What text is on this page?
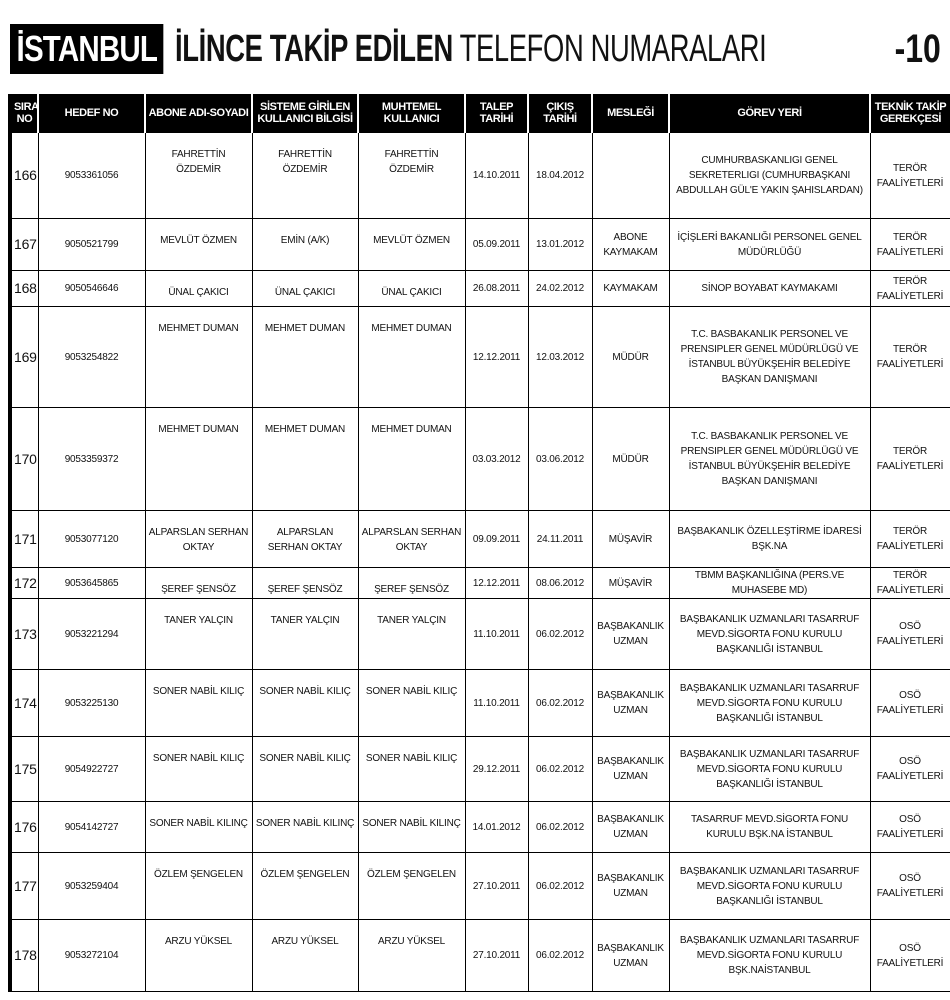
İSTANBUL İLİNCE TAKİP EDİLEN TELEFON NUMARALARI	-10
SIRA NO	HEDEF NO	ABONE ADI-SOYADI	SİSTEME GİRİLEN KULLANICI BİLGİSİ	MUHTEMEL KULLANICI	TALEP TARİHİ	ÇIKIŞ TARİHİ	MESLEĞİ	GÖREV YERİ	TEKNİK TAKİP GEREKÇESİ
166	9053361056	FAHRETTİN ÖZDEMİR	FAHRETTİN ÖZDEMİR	FAHRETTİN ÖZDEMİR	14.10.2011	18.04.2012		CUMHURBASKANLIGI GENEL SEKRETERLIGI (CUMHURBAŞKANI ABDULLAH GÜL'E YAKIN ŞAHISLARDAN)	TERÖR FAALİYETLERİ
167	9050521799	MEVLÜT ÖZMEN	EMİN (A/K)	MEVLÜT ÖZMEN	05.09.2011	13.01.2012	ABONE KAYMAKAM	İÇİŞLERİ BAKANLIĞI PERSONEL GENEL MÜDÜRLÜĞÜ	TERÖR FAALİYETLERİ
168	9050546646	ÜNAL ÇAKICI	ÜNAL ÇAKICI	ÜNAL ÇAKICI	26.08.2011	24.02.2012	KAYMAKAM	SİNOP BOYABAT KAYMAKAMI	TERÖR FAALİYETLERİ
169	9053254822	MEHMET DUMAN	MEHMET DUMAN	MEHMET DUMAN	12.12.2011	12.03.2012	MÜDÜR	T.C. BASBAKANLIK PERSONEL VE PRENSIPLER GENEL MÜDÜRLÜGÜ VE İSTANBUL BÜYÜKŞEHİR BELEDİYE BAŞKAN DANIŞMANI	TERÖR FAALİYETLERİ
170	9053359372	MEHMET DUMAN	MEHMET DUMAN	MEHMET DUMAN	03.03.2012	03.06.2012	MÜDÜR	T.C. BASBAKANLIK PERSONEL VE PRENSIPLER GENEL MÜDÜRLÜGÜ VE İSTANBUL BÜYÜKŞEHİR BELEDİYE BAŞKAN DANIŞMANI	TERÖR FAALİYETLERİ
171	9053077120	ALPARSLAN SERHAN OKTAY	ALPARSLAN SERHAN OKTAY	ALPARSLAN SERHAN OKTAY	09.09.2011	24.11.2011	MÜŞAVİR	BAŞBAKANLIK ÖZELLEŞTİRME İDARESİ BŞK.NA	TERÖR FAALİYETLERİ
172	9053645865	ŞEREF ŞENSÖZ	ŞEREF ŞENSÖZ	ŞEREF ŞENSÖZ	12.12.2011	08.06.2012	MÜŞAVİR	TBMM BAŞKANLIĞINA (PERS.VE MUHASEBE MD)	TERÖR FAALİYETLERİ
173	9053221294	TANER YALÇIN	TANER YALÇIN	TANER YALÇIN	11.10.2011	06.02.2012	BAŞBAKANLIK UZMAN	BAŞBAKANLIK UZMANLARI TASARRUF MEVD.SİGORTA FONU KURULU BAŞKANLIĞI İSTANBUL	OSÖ FAALİYETLERİ
174	9053225130	SONER NABİL KILIÇ	SONER NABİL KILIÇ	SONER NABİL KILIÇ	11.10.2011	06.02.2012	BAŞBAKANLIK UZMAN	BAŞBAKANLIK UZMANLARI TASARRUF MEVD.SİGORTA FONU KURULU BAŞKANLIĞI İSTANBUL	OSÖ FAALİYETLERİ
175	9054922727	SONER NABİL KILIÇ	SONER NABİL KILIÇ	SONER NABİL KILIÇ	29.12.2011	06.02.2012	BAŞBAKANLIK UZMAN	BAŞBAKANLIK UZMANLARI TASARRUF MEVD.SİGORTA FONU KURULU BAŞKANLIĞI İSTANBUL	OSÖ FAALİYETLERİ
176	9054142727	SONER NABİL KILINÇ	SONER NABİL KILINÇ	SONER NABİL KILINÇ	14.01.2012	06.02.2012	BAŞBAKANLIK UZMAN	TASARRUF MEVD.SİGORTA FONU KURULU BŞK.NA İSTANBUL	OSÖ FAALİYETLERİ
177	9053259404	ÖZLEM ŞENGELEN	ÖZLEM ŞENGELEN	ÖZLEM ŞENGELEN	27.10.2011	06.02.2012	BAŞBAKANLIK UZMAN	BAŞBAKANLIK UZMANLARI TASARRUF MEVD.SİGORTA FONU KURULU BAŞKANLIĞI İSTANBUL	OSÖ FAALİYETLERİ
178	9053272104	ARZU YÜKSEL	ARZU YÜKSEL	ARZU YÜKSEL	27.10.2011	06.02.2012	BAŞBAKANLIK UZMAN	BAŞBAKANLIK UZMANLARI TASARRUF MEVD.SİGORTA FONU KURULU BŞK.NAİSTANBUL	OSÖ FAALİYETLERİ
